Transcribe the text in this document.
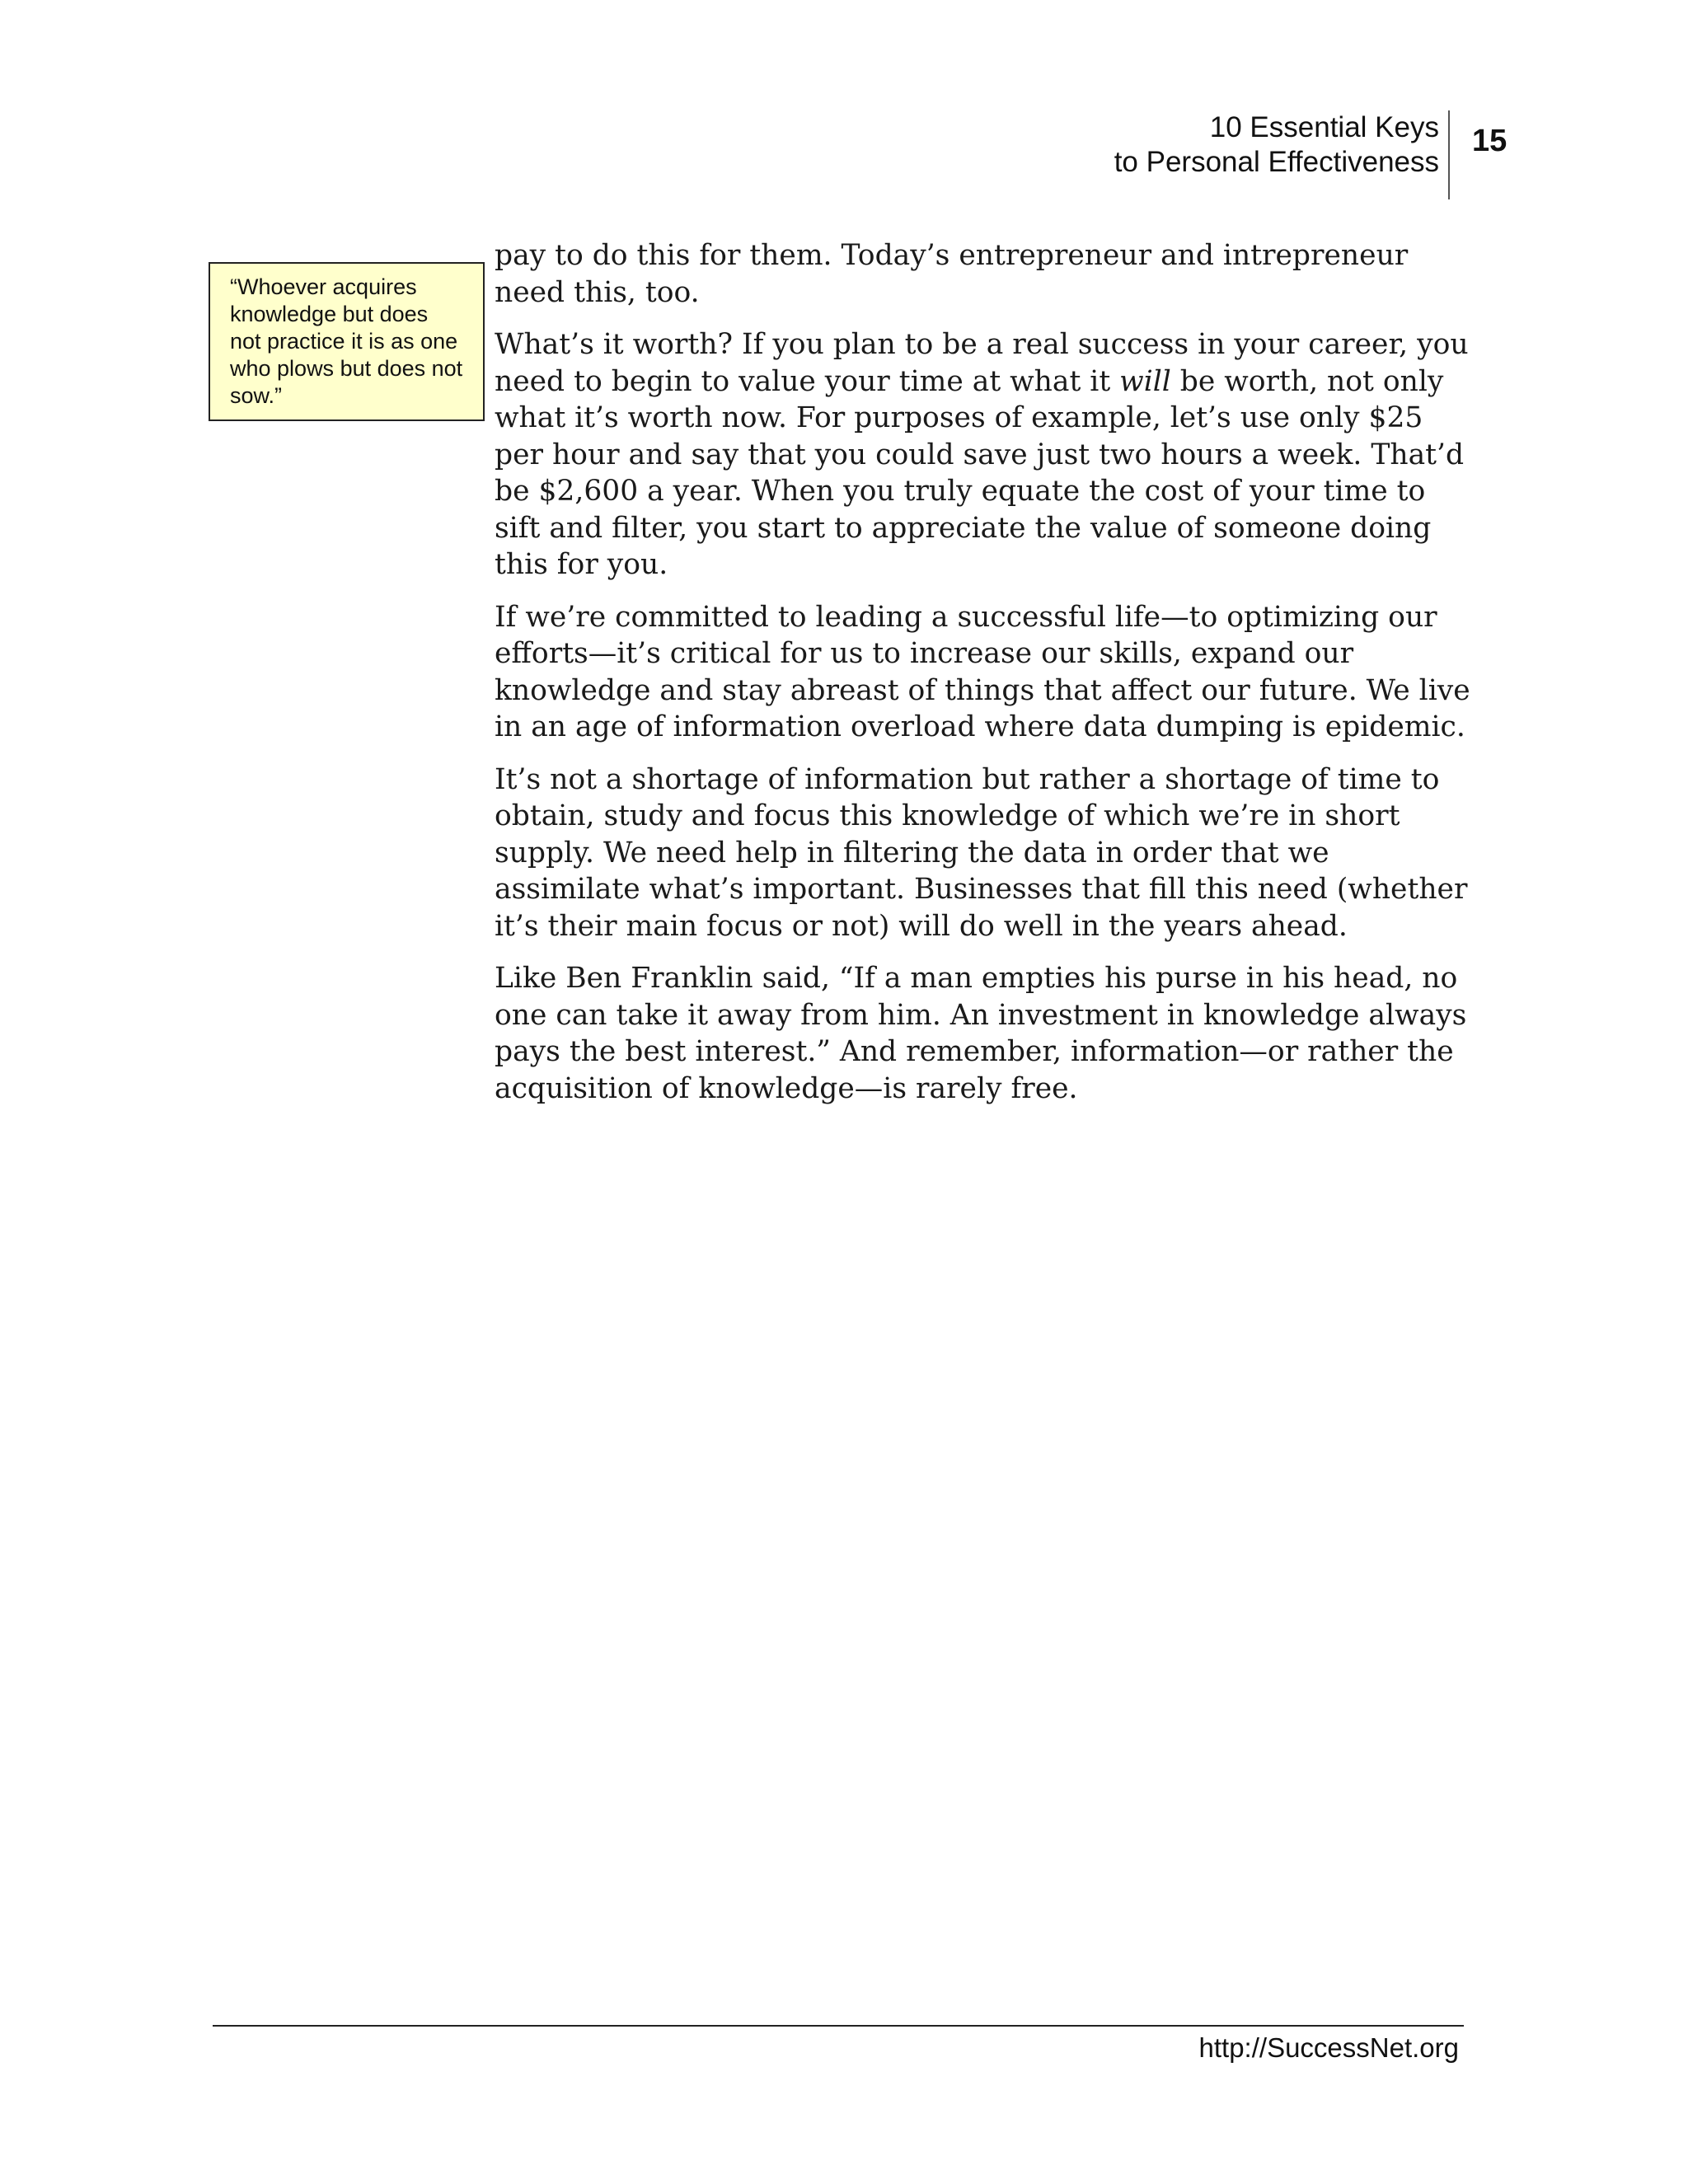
10 Essential Keys
to Personal Effectiveness
15
“Whoever acquires knowledge but does not practice it is as one who plows but does not sow.”

pay to do this for them. Today’s entrepreneur and intrepreneur need this, too.

What’s it worth? If you plan to be a real success in your career, you need to begin to value your time at what it will be worth, not only what it’s worth now. For purposes of example, let’s use only $25 per hour and say that you could save just two hours a week. That’d be $2,600 a year. When you truly equate the cost of your time to sift and filter, you start to appreciate the value of someone doing this for you.

If we’re committed to leading a successful life—to optimizing our efforts—it’s critical for us to increase our skills, expand our knowledge and stay abreast of things that affect our future. We live in an age of information overload where data dumping is epidemic.

It’s not a shortage of information but rather a shortage of time to obtain, study and focus this knowledge of which we’re in short supply. We need help in filtering the data in order that we assimilate what’s important. Businesses that fill this need (whether it’s their main focus or not) will do well in the years ahead.

Like Ben Franklin said, “If a man empties his purse in his head, no one can take it away from him. An investment in knowledge always pays the best interest.” And remember, information—or rather the acquisition of knowledge—is rarely free.

http://SuccessNet.org
